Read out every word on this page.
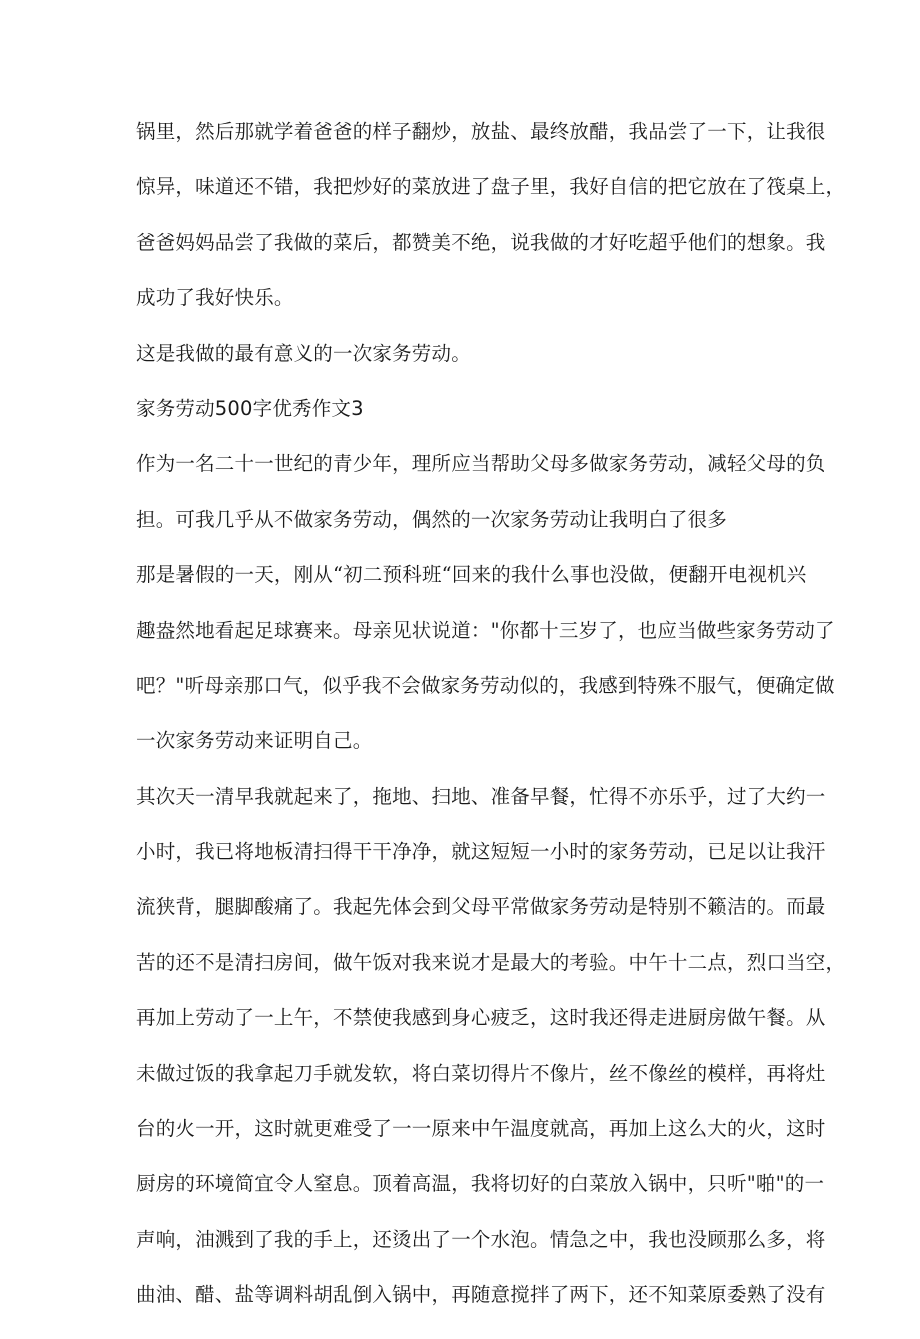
锅里，然后那就学着爸爸的样子翻炒，放盐、最终放醋，我品尝了一下，让我很
惊异，味道还不错，我把炒好的菜放进了盘子里，我好自信的把它放在了筏桌上，
爸爸妈妈品尝了我做的菜后，都赞美不绝，说我做的才好吃超乎他们的想象。我
成功了我好快乐。
这是我做的最有意义的一次家务劳动。
家务劳动500字优秀作文3
作为一名二十一世纪的青少年，理所应当帮助父母多做家务劳动，减轻父母的负
担。可我几乎从不做家务劳动，偶然的一次家务劳动让我明白了很多
那是暑假的一天，刚从“初二预科班“回来的我什么事也没做，便翻开电视机兴
趣盎然地看起足球赛来。母亲见状说道："你都十三岁了，也应当做些家务劳动了
吧？"听母亲那口气，似乎我不会做家务劳动似的，我感到特殊不服气，便确定做
一次家务劳动来证明自己。
其次天一清早我就起来了，拖地、扫地、准备早餐，忙得不亦乐乎，过了大约一
小时，我已将地板清扫得干干净净，就这短短一小时的家务劳动，已足以让我汗
流狭背，腿脚酸痛了。我起先体会到父母平常做家务劳动是特别不籁洁的。而最
苦的还不是清扫房间，做午饭对我来说才是最大的考验。中午十二点，烈口当空，
再加上劳动了一上午，不禁使我感到身心疲乏，这时我还得走进厨房做午餐。从
未做过饭的我拿起刀手就发软，将白菜切得片不像片，丝不像丝的模样，再将灶
台的火一开，这时就更难受了一一原来中午温度就高，再加上这么大的火，这时
厨房的环境简宜令人窒息。顶着高温，我将切好的白菜放入锅中，只听"啪"的一
声响，油溅到了我的手上，还烫出了一个水泡。情急之中，我也没顾那么多，将
曲油、醋、盐等调料胡乱倒入锅中，再随意搅拌了两下，还不知菜原委熟了没有
